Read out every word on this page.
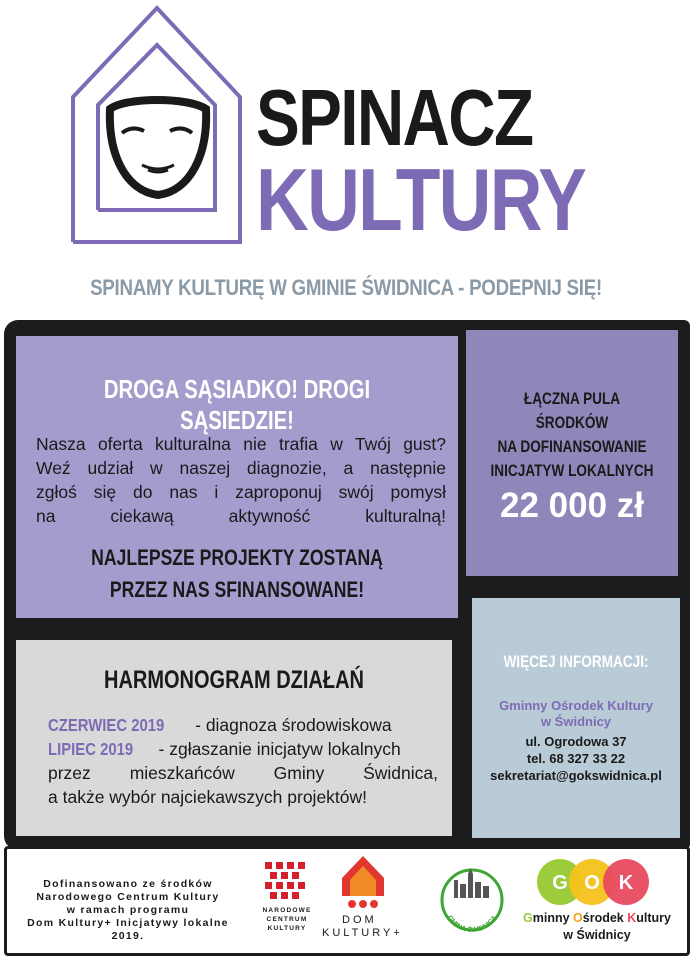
SPINACZ
KULTURY
SPINAMY KULTURĘ W GMINIE ŚWIDNICA - PODEPNIJ SIĘ!
DROGA SĄSIADKO! DROGI SĄSIEDZIE!
Nasza oferta kulturalna nie trafia w Twój gust?
Weź udział w naszej diagnozie, a następnie
zgłoś się do nas i zaproponuj swój pomysł
na ciekawą aktywność kulturalną!
NAJLEPSZE PROJEKTY ZOSTANĄ
PRZEZ NAS SFINANSOWANE!
ŁĄCZNA PULA ŚRODKÓW
NA DOFINANSOWANIE
INICJATYW LOKALNYCH
22 000 zł
HARMONOGRAM DZIAŁAŃ
CZERWIEC 2019 - diagnoza środowiskowa
LIPIEC 2019 - zgłaszanie inicjatyw lokalnych
przez mieszkańców Gminy Świdnica,
a także wybór najciekawszych projektów!
WIĘCEJ INFORMACJI:
Gminny Ośrodek Kultury
w Świdnicy
ul. Ogrodowa 37
tel. 68 327 33 22
sekretariat@gokswidnica.pl
Dofinansowano ze środków
Narodowego Centrum Kultury
w ramach programu
Dom Kultury+ Inicjatywy lokalne 2019.
NARODOWE
CENTRUM
KULTURY
DOM
KULTURY+
GMINA ŚWIDNICA
G O K
Gminny Ośrodek Kultury
w Świdnicy
